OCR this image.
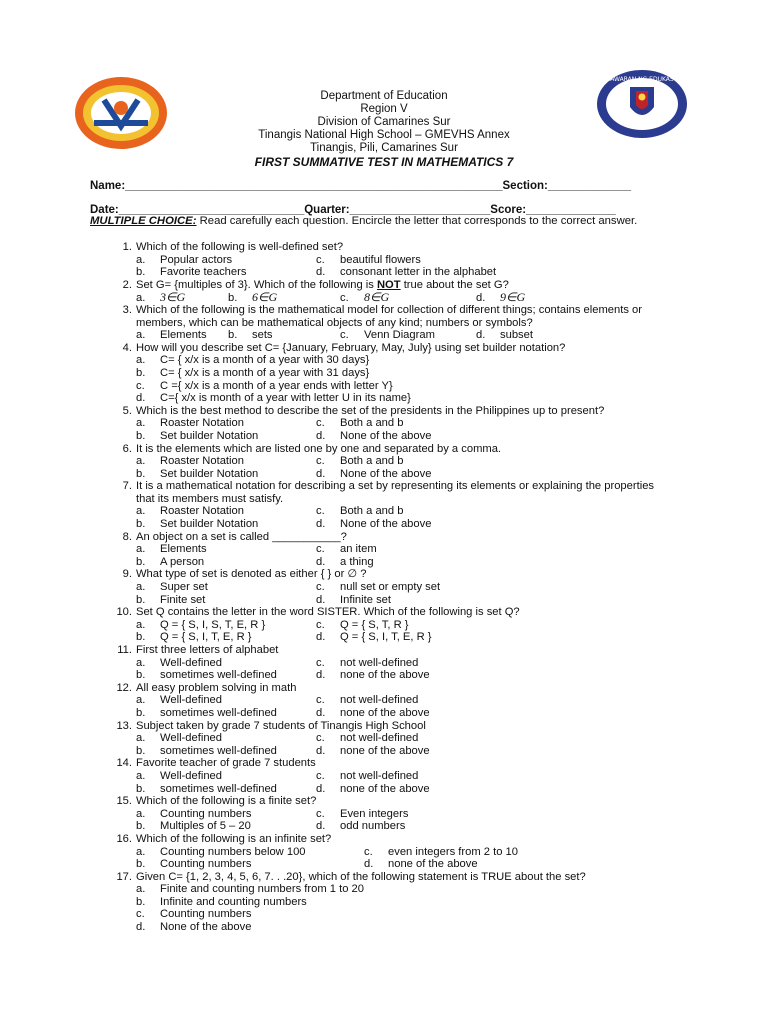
KAGAWARAN NG EDUKASYON
Department of Education
Region V
Division of Camarines Sur
Tinangis National High School – GMEVHS Annex
Tinangis, Pili, Camarines Sur
FIRST SUMMATIVE TEST IN MATHEMATICS 7
Name:___________________________________________________________Section:_____________
Date:_____________________________Quarter:______________________Score:______________
MULTIPLE CHOICE: Read carefully each question. Encircle the letter that corresponds to the correct answer.
1. Which of the following is well-defined set?
a. Popular actors	c. beautiful flowers
b. Favorite teachers	d. consonant letter in the alphabet
2. Set G= {multiples of 3}. Which of the following is NOT true about the set G?
a. 3∈G	b. 6∈G	c. 8∈G	d. 9∈G
3. Which of the following is the mathematical model for collection of different things; contains elements or members, which can be mathematical objects of any kind; numbers or symbols?
a. Elements b. sets	c. Venn Diagram	d. subset
4. How will you describe set C= {January, February, May, July} using set builder notation?
a. C= { x/x is a month of a year with 30 days}
b. C= { x/x is a month of a year with 31 days}
c. C ={ x/x is a month of a year ends with letter Y}
d. C={ x/x is month of a year with letter U in its name}
5. Which is the best method to describe the set of the presidents in the Philippines up to present?
a. Roaster Notation	c. Both a and b
b. Set builder Notation	d. None of the above
6. It is the elements which are listed one by one and separated by a comma.
a. Roaster Notation	c. Both a and b
b. Set builder Notation	d. None of the above
7. It is a mathematical notation for describing a set by representing its elements or explaining the properties that its members must satisfy.
a. Roaster Notation	c. Both a and b
b. Set builder Notation	d. None of the above
8. An object on a set is called ___________?
a. Elements	c. an item
b. A person	d. a thing
9. What type of set is denoted as either { } or ∅ ?
a. Super set	c. null set or empty set
b. Finite set	d. Infinite set
10. Set Q contains the letter in the word SISTER. Which of the following is set Q?
a. Q = { S, I, S, T, E, R }	c. Q = { S, T, R }
b. Q = { S, I, T, E, R }	d. Q = { S, I, T, E, R }
11. First three letters of alphabet
a. Well-defined	c. not well-defined
b. sometimes well-defined	d. none of the above
12. All easy problem solving in math
a. Well-defined	c. not well-defined
b. sometimes well-defined	d. none of the above
13. Subject taken by grade 7 students of Tinangis High School
a. Well-defined	c. not well-defined
b. sometimes well-defined	d. none of the above
14. Favorite teacher of grade 7 students
a. Well-defined	c. not well-defined
b. sometimes well-defined	d. none of the above
15. Which of the following is a finite set?
a. Counting numbers	c. Even integers
b. Multiples of 5 – 20	d. odd numbers
16. Which of the following is an infinite set?
a. Counting numbers below 100	c. even integers from 2 to 10
b. Counting numbers	d. none of the above
17. Given C= {1, 2, 3, 4, 5, 6, 7. . .20}, which of the following statement is TRUE about the set?
a. Finite and counting numbers from 1 to 20
b. Infinite and counting numbers
c. Counting numbers
d. None of the above
